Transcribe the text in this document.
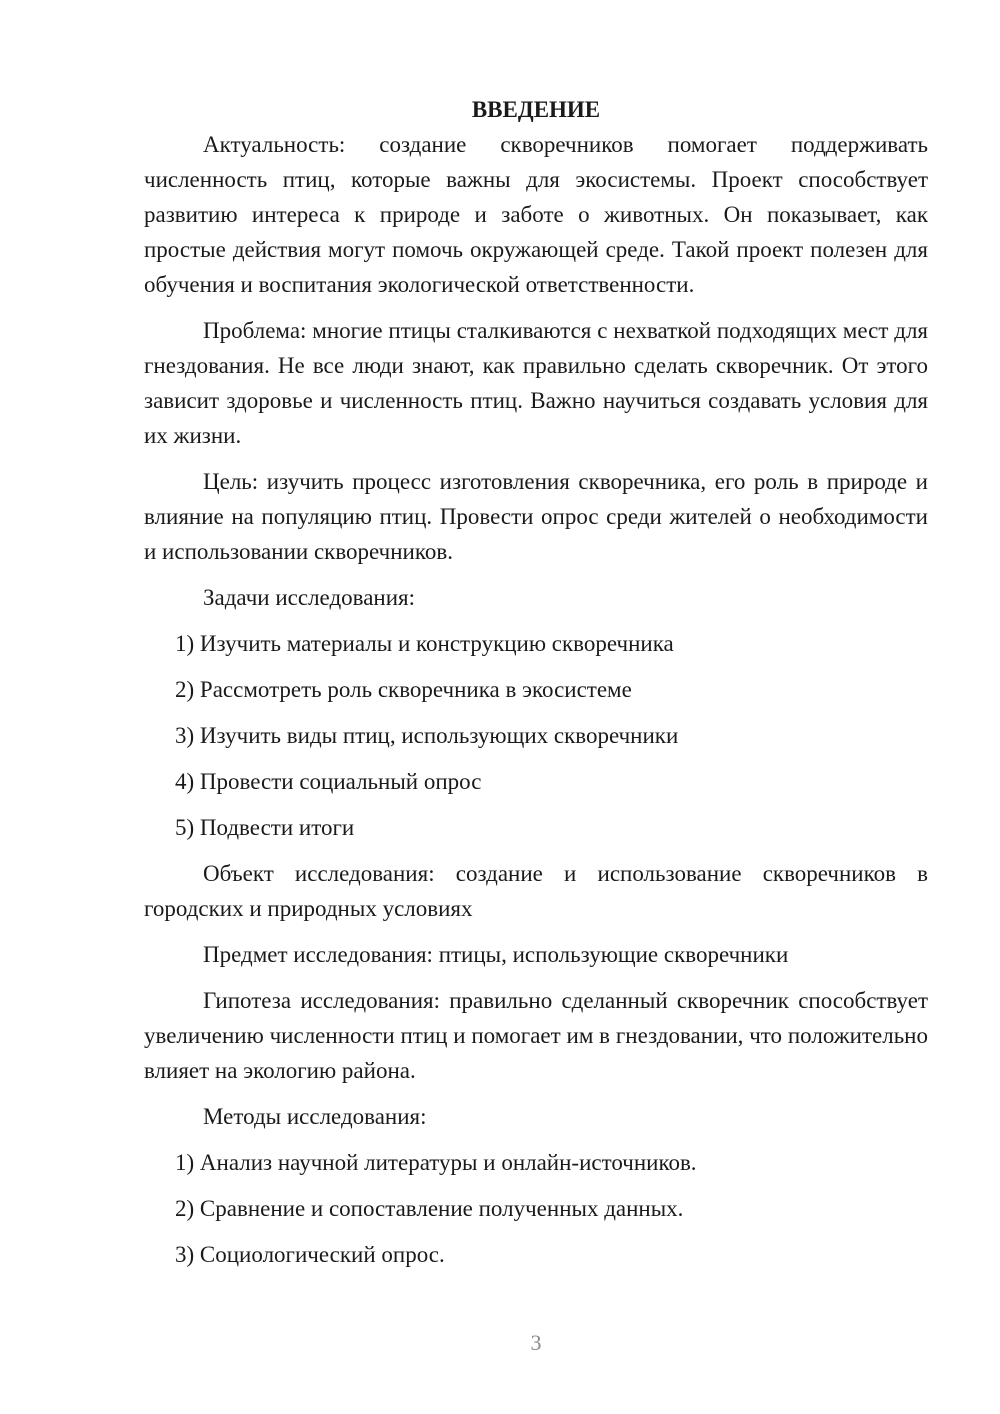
ВВЕДЕНИЕ

Актуальность: создание скворечников помогает поддерживать численность птиц, которые важны для экосистемы. Проект способствует развитию интереса к природе и заботе о животных. Он показывает, как простые действия могут помочь окружающей среде. Такой проект полезен для обучения и воспитания экологической ответственности.

Проблема: многие птицы сталкиваются с нехваткой подходящих мест для гнездования. Не все люди знают, как правильно сделать скворечник. От этого зависит здоровье и численность птиц. Важно научиться создавать условия для их жизни.

Цель: изучить процесс изготовления скворечника, его роль в природе и влияние на популяцию птиц. Провести опрос среди жителей о необходимости и использовании скворечников.

Задачи исследования:
1) Изучить материалы и конструкцию скворечника
2) Рассмотреть роль скворечника в экосистеме
3) Изучить виды птиц, использующих скворечники
4) Провести социальный опрос
5) Подвести итоги

Объект исследования: создание и использование скворечников в городских и природных условиях

Предмет исследования: птицы, использующие скворечники

Гипотеза исследования: правильно сделанный скворечник способствует увеличению численности птиц и помогает им в гнездовании, что положительно влияет на экологию района.

Методы исследования:
1) Анализ научной литературы и онлайн-источников.
2) Сравнение и сопоставление полученных данных.
3) Социологический опрос.
3
